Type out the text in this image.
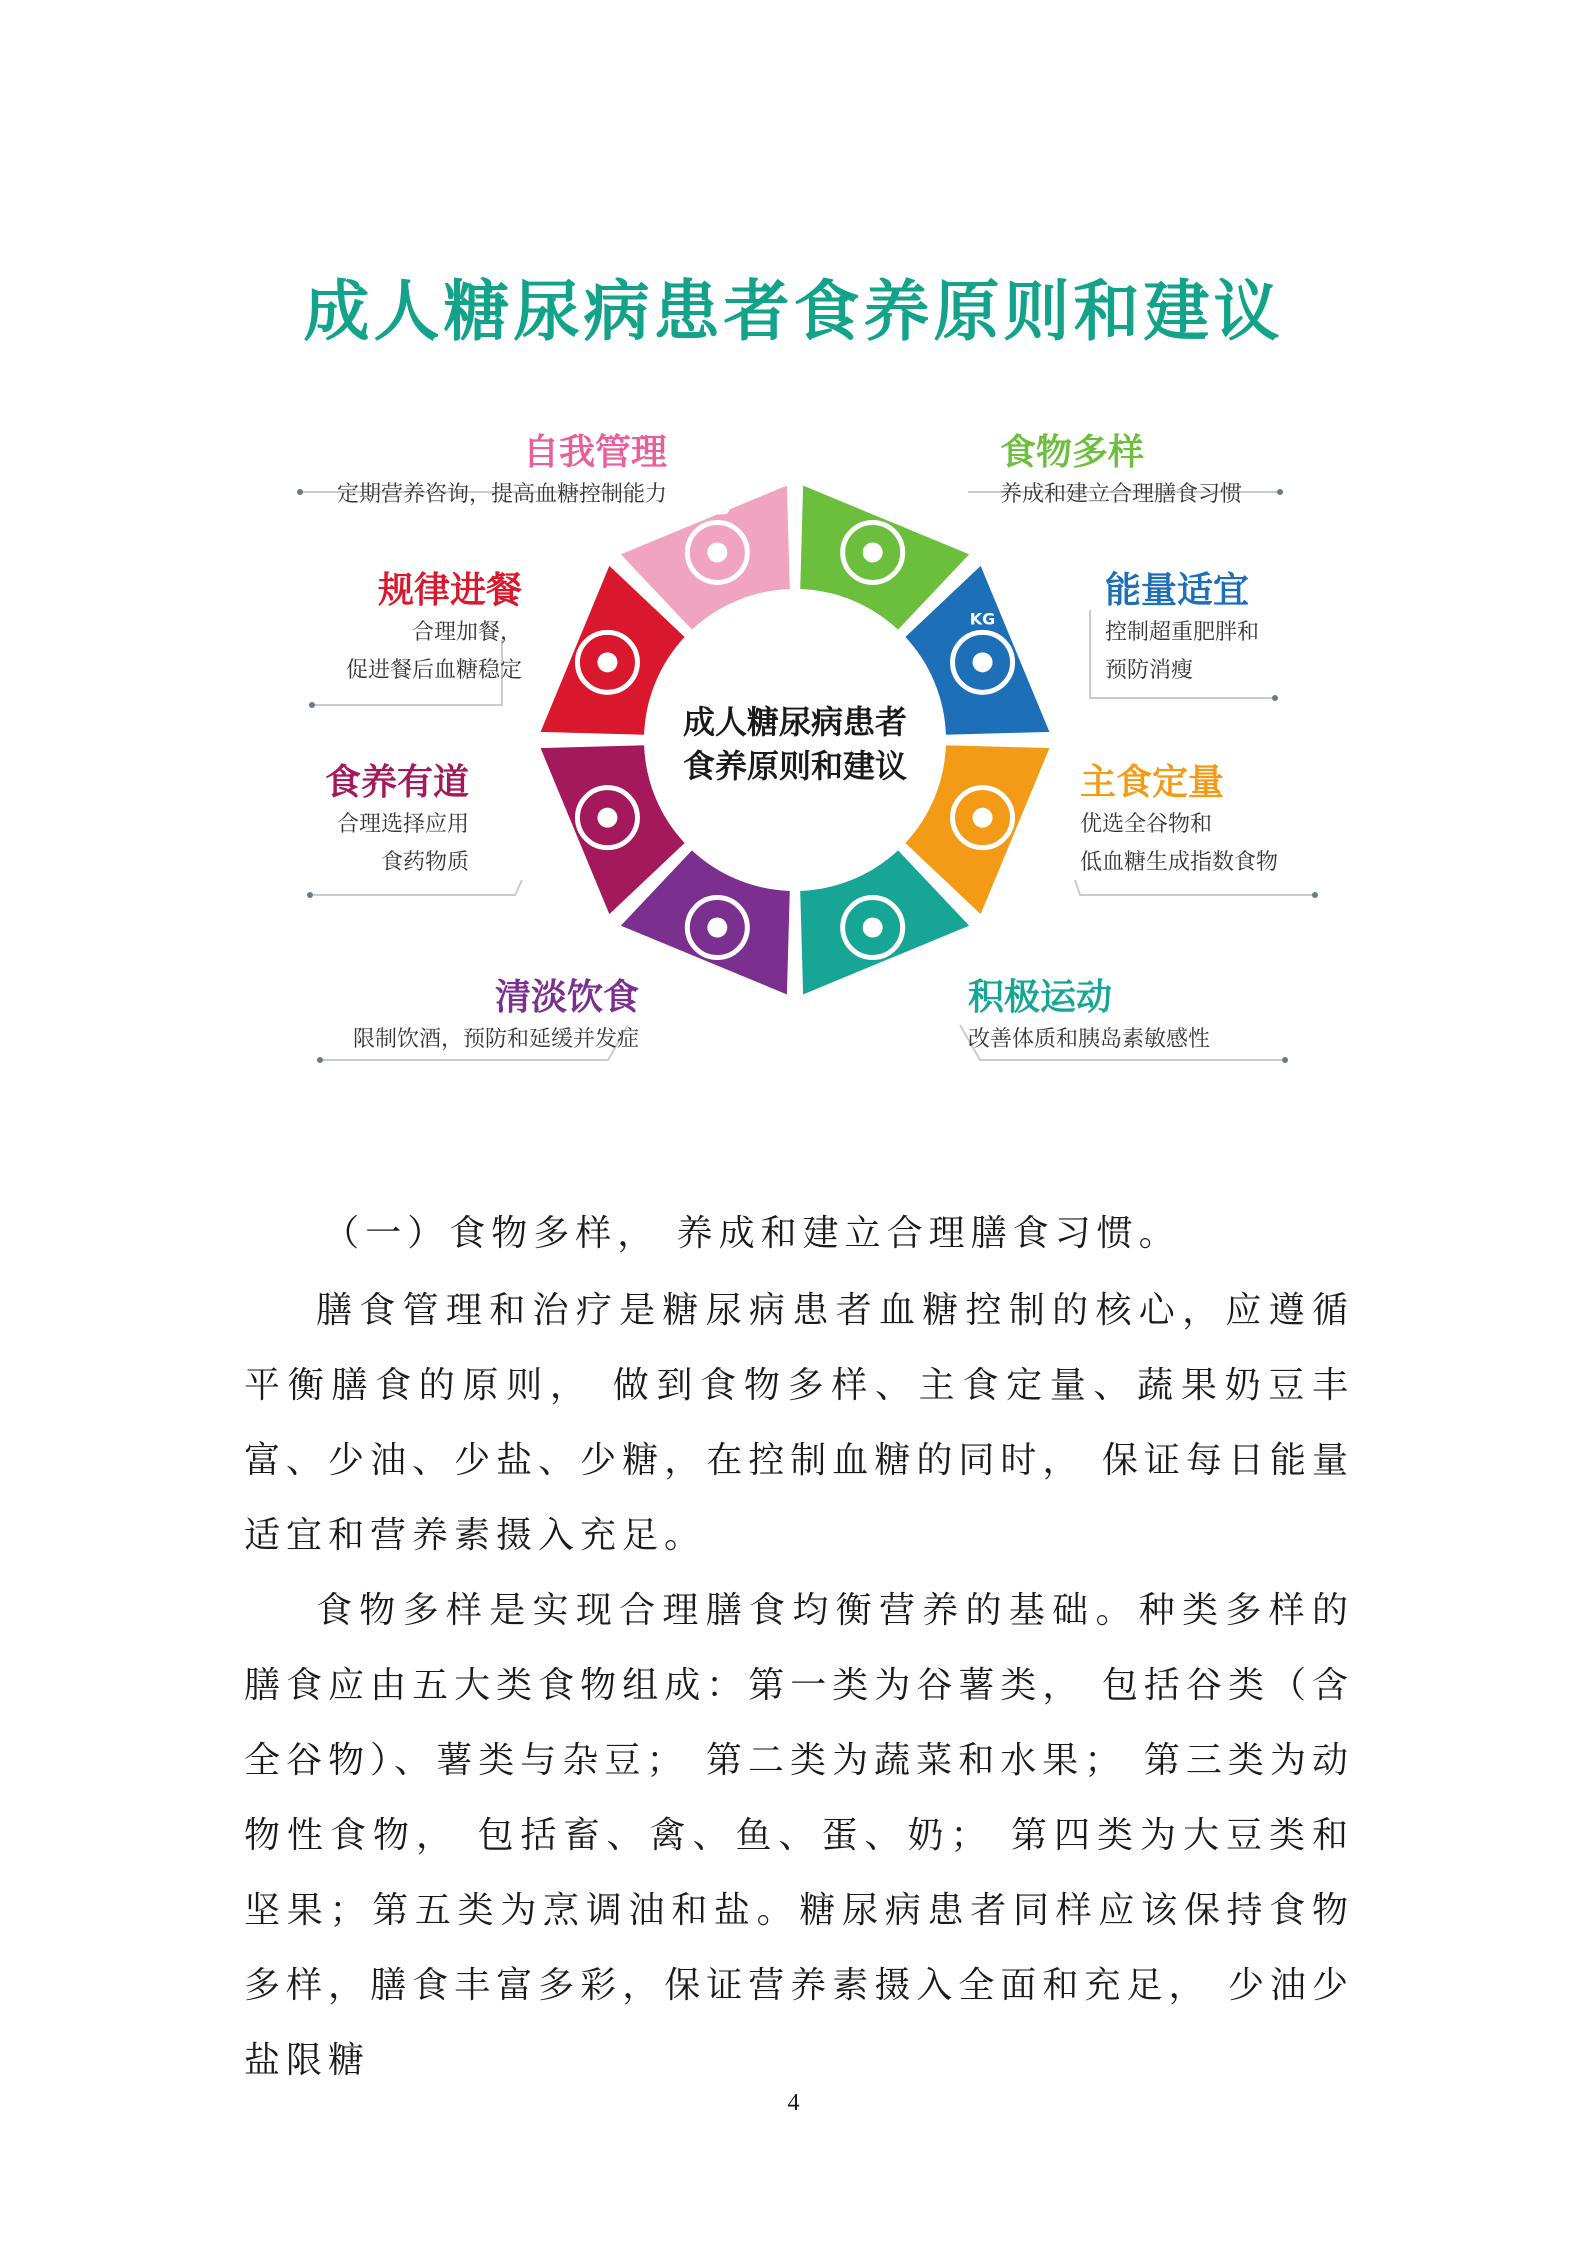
成人糖尿病患者食养原则和建议
KG
RD
成人糖尿病患者
食养原则和建议
食物多样
养成和建立合理膳食习惯
能量适宜
控制超重肥胖和
预防消瘦
主食定量
优选全谷物和
低血糖生成指数食物
积极运动
改善体质和胰岛素敏感性
自我管理
定期营养咨询，提高血糖控制能力
规律进餐
合理加餐，
促进餐后血糖稳定
食养有道
合理选择应用
食药物质
清淡饮食
限制饮酒，预防和延缓并发症

（一）食物多样， 养成和建立合理膳食习惯。

膳食管理和治疗是糖尿病患者血糖控制的核心，应遵循平衡膳食的原则， 做到食物多样、主食定量、蔬果奶豆丰富、少油、少盐、少糖，在控制血糖的同时， 保证每日能量适宜和营养素摄入充足。

食物多样是实现合理膳食均衡营养的基础。种类多样的膳食应由五大类食物组成：第一类为谷薯类， 包括谷类（含全谷物）、薯类与杂豆； 第二类为蔬菜和水果； 第三类为动物性食物， 包括畜、禽、鱼、蛋、奶； 第四类为大豆类和坚果；第五类为烹调油和盐。糖尿病患者同样应该保持食物多样，膳食丰富多彩，保证营养素摄入全面和充足， 少油少盐限糖

4
